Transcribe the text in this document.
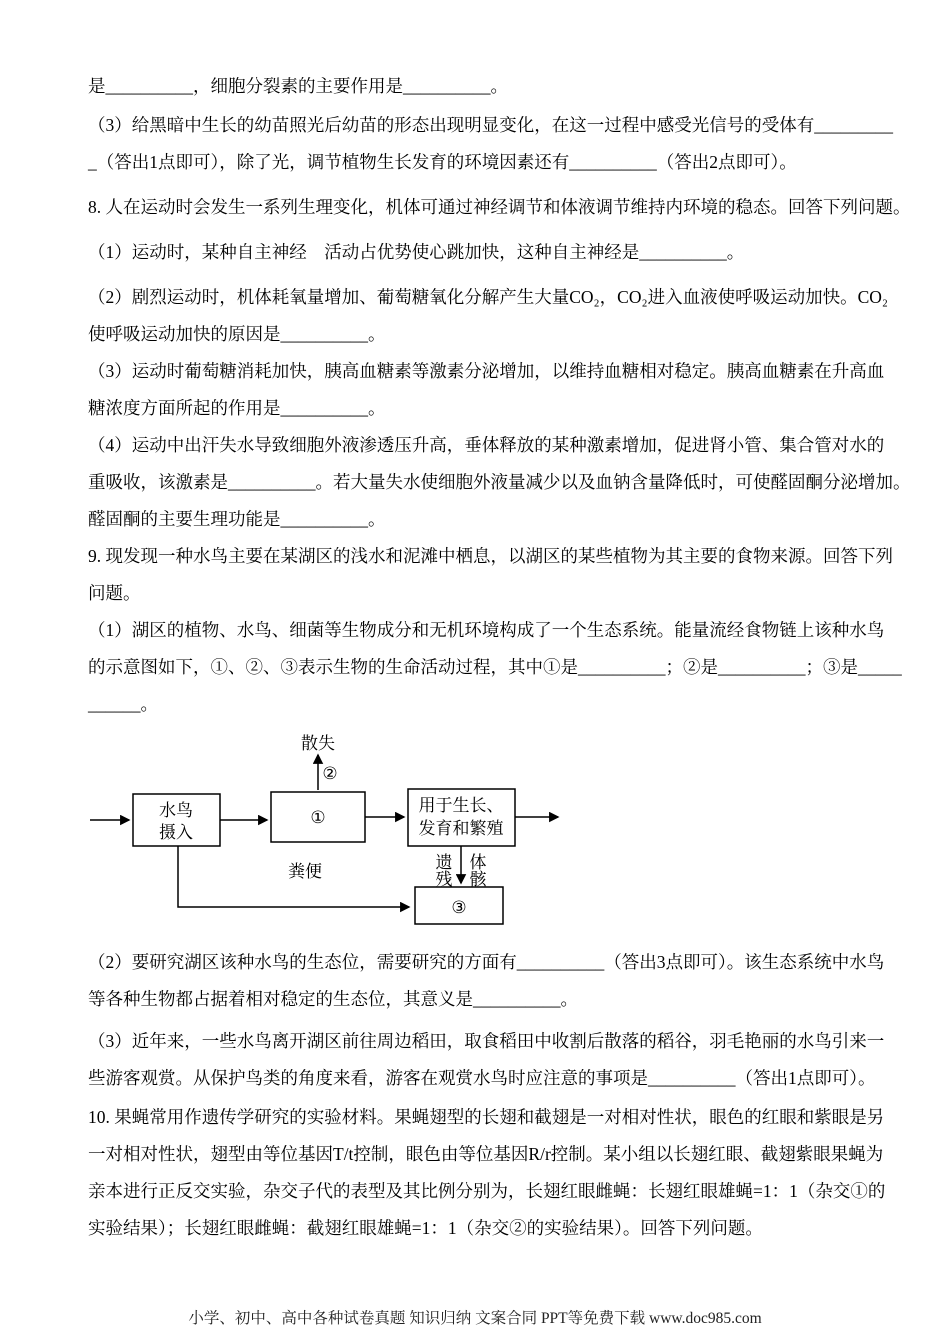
是__________，细胞分裂素的主要作用是__________。
（3）给黑暗中生长的幼苗照光后幼苗的形态出现明显变化，在这一过程中感受光信号的受体有_________
_（答出1点即可），除了光，调节植物生长发育的环境因素还有__________（答出2点即可）。
8. 人在运动时会发生一系列生理变化，机体可通过神经调节和体液调节维持内环境的稳态。回答下列问题。
（1）运动时，某种自主神经　活动占优势使心跳加快，这种自主神经是__________。
（2）剧烈运动时，机体耗氧量增加、葡萄糖氧化分解产生大量CO₂，CO₂进入血液使呼吸运动加快。CO₂
使呼吸运动加快的原因是__________。
（3）运动时葡萄糖消耗加快，胰高血糖素等激素分泌增加，以维持血糖相对稳定。胰高血糖素在升高血
糖浓度方面所起的作用是__________。
（4）运动中出汗失水导致细胞外液渗透压升高，垂体释放的某种激素增加，促进肾小管、集合管对水的
重吸收，该激素是__________。若大量失水使细胞外液量减少以及血钠含量降低时，可使醛固酮分泌增加。
醛固酮的主要生理功能是__________。
9. 现发现一种水鸟主要在某湖区的浅水和泥滩中栖息，以湖区的某些植物为其主要的食物来源。回答下列
问题。
（1）湖区的植物、水鸟、细菌等生物成分和无机环境构成了一个生态系统。能量流经食物链上该种水鸟
的示意图如下，①、②、③表示生物的生命活动过程，其中①是__________；②是__________；③是_____
______。
散失
②
①
水鸟
摄入
用于生长、
发育和繁殖
③
粪便	遗 体
残 骸
（2）要研究湖区该种水鸟的生态位，需要研究的方面有__________（答出3点即可）。该生态系统中水鸟
等各种生物都占据着相对稳定的生态位，其意义是__________。
（3）近年来，一些水鸟离开湖区前往周边稻田，取食稻田中收割后散落的稻谷，羽毛艳丽的水鸟引来一
些游客观赏。从保护鸟类的角度来看，游客在观赏水鸟时应注意的事项是__________（答出1点即可）。
10. 果蝇常用作遗传学研究的实验材料。果蝇翅型的长翅和截翅是一对相对性状，眼色的红眼和紫眼是另
一对相对性状，翅型由等位基因T/t控制，眼色由等位基因R/r控制。某小组以长翅红眼、截翅紫眼果蝇为
亲本进行正反交实验，杂交子代的表型及其比例分别为，长翅红眼雌蝇：长翅红眼雄蝇=1：1（杂交①的
实验结果）；长翅红眼雌蝇：截翅红眼雄蝇=1：1（杂交②的实验结果）。回答下列问题。
小学、初中、高中各种试卷真题 知识归纳 文案合同 PPT等免费下载 www.doc985.com
